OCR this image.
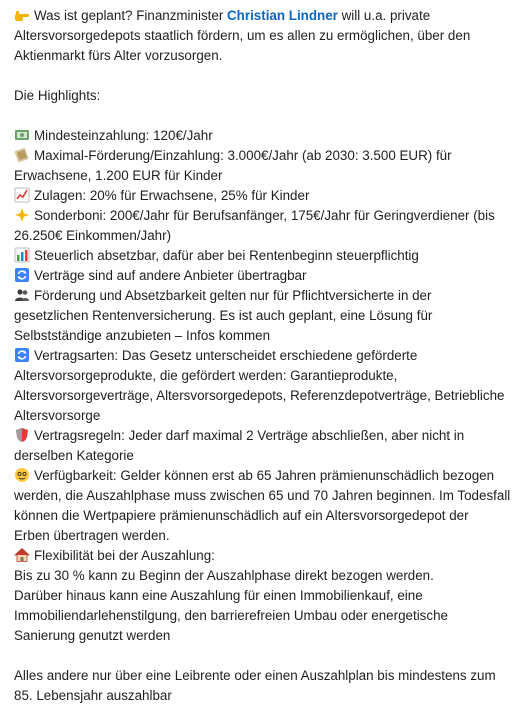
Was ist geplant? Finanzminister Christian Lindner will u.a. private
Altersvorsorgedepots staatlich fördern, um es allen zu ermöglichen, über den
Aktienmarkt fürs Alter vorzusorgen.
Die Highlights:
Mindesteinzahlung: 120€/Jahr
Maximal-Förderung/Einzahlung: 3.000€/Jahr (ab 2030: 3.500 EUR) für
Erwachsene, 1.200 EUR für Kinder
Zulagen: 20% für Erwachsene, 25% für Kinder
Sonderboni: 200€/Jahr für Berufsanfänger, 175€/Jahr für Geringverdiener (bis
26.250€ Einkommen/Jahr)
Steuerlich absetzbar, dafür aber bei Rentenbeginn steuerpflichtig
Verträge sind auf andere Anbieter übertragbar
Förderung und Absetzbarkeit gelten nur für Pflichtversicherte in der
gesetzlichen Rentenversicherung. Es ist auch geplant, eine Lösung für
Selbstständige anzubieten – Infos kommen
Vertragsarten: Das Gesetz unterscheidet erschiedene geförderte
Altersvorsorgeprodukte, die gefördert werden: Garantieprodukte,
Altersvorsorgeverträge, Altersvorsorgedepots, Referenzdepotverträge, Betriebliche
Altersvorsorge
Vertragsregeln: Jeder darf maximal 2 Verträge abschließen, aber nicht in
derselben Kategorie
Verfügbarkeit: Gelder können erst ab 65 Jahren prämienunschädlich bezogen
werden, die Auszahlphase muss zwischen 65 und 70 Jahren beginnen. Im Todesfall
können die Wertpapiere prämienunschädlich auf ein Altersvorsorgedepot der
Erben übertragen werden.
Flexibilität bei der Auszahlung:
Bis zu 30 % kann zu Beginn der Auszahlphase direkt bezogen werden.
Darüber hinaus kann eine Auszahlung für einen Immobilienkauf, eine
Immobiliendarlehenstilgung, den barrierefreien Umbau oder energetische
Sanierung genutzt werden
Alles andere nur über eine Leibrente oder einen Auszahlplan bis mindestens zum
85. Lebensjahr auszahlbar
